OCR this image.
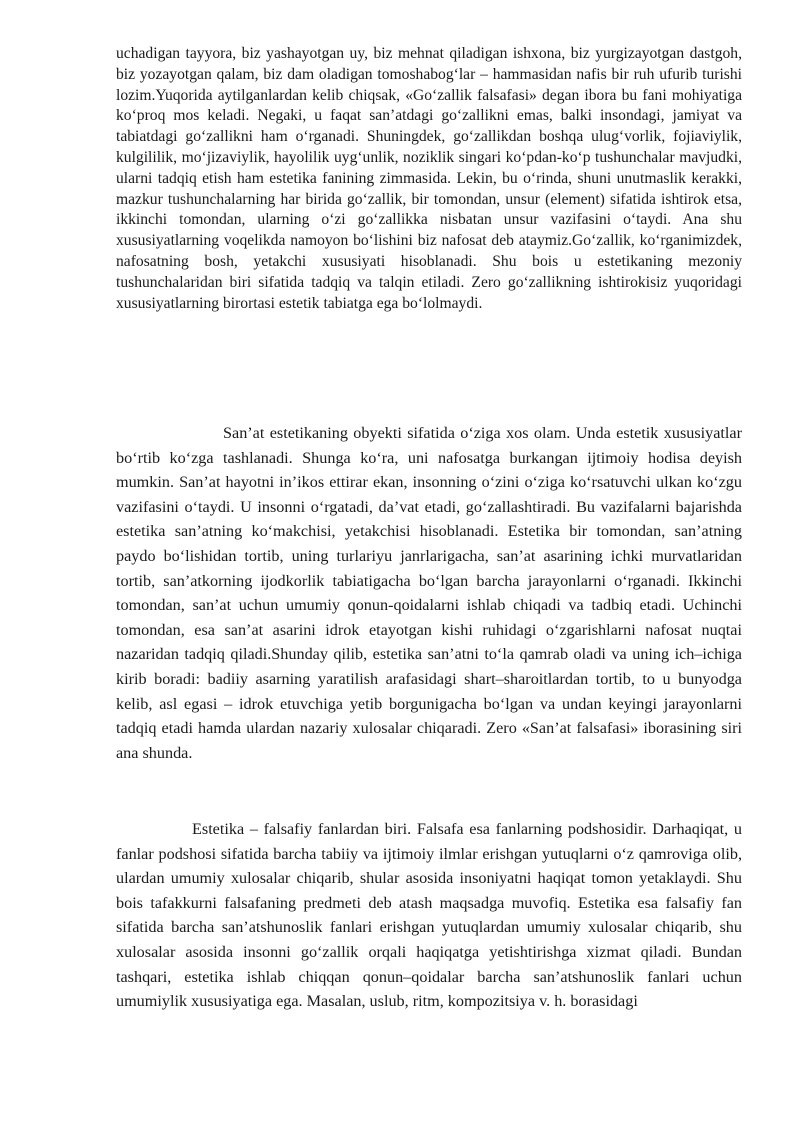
uchadigan tayyora, biz yashayotgan uy, biz mehnat qiladigan ishxona, biz yurgizayotgan dastgoh, biz yozayotgan qalam, biz dam oladigan tomoshabog‘lar – hammasidan nafis bir ruh ufurib turishi lozim.Yuqorida aytilganlardan kelib chiqsak, «Go‘zallik falsafasi» degan ibora bu fani mohiyatiga ko‘proq mos keladi. Negaki, u faqat san’atdagi go‘zallikni emas, balki insondagi, jamiyat va tabiatdagi go‘zallikni ham o‘rganadi. Shuningdek, go‘zallikdan boshqa ulug‘vorlik, fojiaviylik, kulgililik, mo‘jizaviylik, hayolilik uyg‘unlik, noziklik singari ko‘pdan-ko‘p tushunchalar mavjudki, ularni tadqiq etish ham estetika fanining zimmasida. Lekin, bu o‘rinda, shuni unutmaslik kerakki, mazkur tushunchalarning har birida go‘zallik, bir tomondan, unsur (element) sifatida ishtirok etsa, ikkinchi tomondan, ularning o‘zi go‘zallikka nisbatan unsur vazifasini o‘taydi. Ana shu xususiyatlarning voqelikda namoyon bo‘lishini biz nafosat deb ataymiz.Go‘zallik, ko‘rganimizdek, nafosatning bosh, yetakchi xususiyati hisoblanadi. Shu bois u estetikaning mezoniy tushunchalaridan biri sifatida tadqiq va talqin etiladi. Zero go‘zallikning ishtirokisiz yuqoridagi xususiyatlarning birortasi estetik tabiatga ega bo‘lolmaydi.

San’at estetikaning obyekti sifatida o‘ziga xos olam. Unda estetik xususiyatlar bo‘rtib ko‘zga tashlanadi. Shunga ko‘ra, uni nafosatga burkangan ijtimoiy hodisa deyish mumkin. San’at hayotni in’ikos ettirar ekan, insonning o‘zini o‘ziga ko‘rsatuvchi ulkan ko‘zgu vazifasini o‘taydi. U insonni o‘rgatadi, da’vat etadi, go‘zallashtiradi. Bu vazifalarni bajarishda estetika san’atning ko‘makchisi, yetakchisi hisoblanadi. Estetika bir tomondan, san’atning paydo bo‘lishidan tortib, uning turlariyu janrlarigacha, san’at asarining ichki murvatlaridan tortib, san’atkorning ijodkorlik tabiatigacha bo‘lgan barcha jarayonlarni o‘rganadi. Ikkinchi tomondan, san’at uchun umumiy qonun-qoidalarni ishlab chiqadi va tadbiq etadi. Uchinchi tomondan, esa san’at asarini idrok etayotgan kishi ruhidagi o‘zgarishlarni nafosat nuqtai nazaridan tadqiq qiladi.Shunday qilib, estetika san’atni to‘la qamrab oladi va uning ich–ichiga kirib boradi: badiiy asarning yaratilish arafasidagi shart–sharoitlardan tortib, to u bunyodga kelib, asl egasi – idrok etuvchiga yetib borgunigacha bo‘lgan va undan keyingi jarayonlarni tadqiq etadi hamda ulardan nazariy xulosalar chiqaradi. Zero «San’at falsafasi» iborasining siri ana shunda.

Estetika – falsafiy fanlardan biri. Falsafa esa fanlarning podshosidir. Darhaqiqat, u fanlar podshosi sifatida barcha tabiiy va ijtimoiy ilmlar erishgan yutuqlarni o‘z qamroviga olib, ulardan umumiy xulosalar chiqarib, shular asosida insoniyatni haqiqat tomon yetaklaydi. Shu bois tafakkurni falsafaning predmeti deb atash maqsadga muvofiq. Estetika esa falsafiy fan sifatida barcha san’atshunoslik fanlari erishgan yutuqlardan umumiy xulosalar chiqarib, shu xulosalar asosida insonni go‘zallik orqali haqiqatga yetishtirishga xizmat qiladi. Bundan tashqari, estetika ishlab chiqqan qonun–qoidalar barcha san’atshunoslik fanlari uchun umumiylik xususiyatiga ega. Masalan, uslub, ritm, kompozitsiya v. h. borasidagi
